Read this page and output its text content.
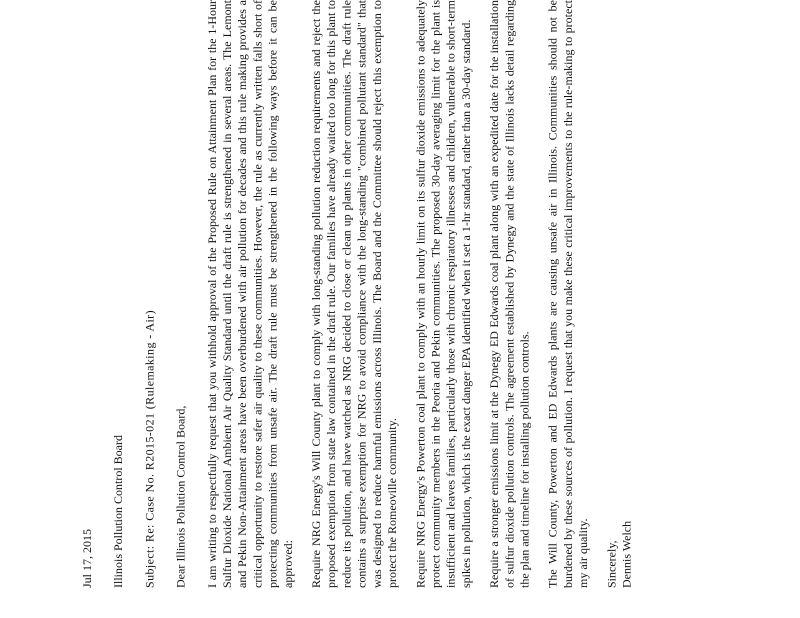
Jul 17, 2015 Illinois Pollution Control Board Subject: Re: Case No. R2015-021 (Rulemaking - Air) Dear Illinois Pollution Control Board, I am writing to respectfully request that you withhold approval of the Proposed Rule on Attainment Plan for the 1-Hour Sulfur Dioxide National Ambient Air Quality Standard until the draft rule is strengthened in several areas. The Lemont and Pekin Non-Attainment areas have been overburdened with air pollution for decades and this rule making provides a critical opportunity to restore safer air quality to these communities. However, the rule as currently written falls short of protecting communities from unsafe air. The draft rule must be strengthened in the following ways before it can be approved: Require NRG Energy's Will County plant to comply with long-standing pollution reduction requirements and reject the proposed exemption from state law contained in the draft rule. Our families have already waited too long for this plant to reduce its pollution, and have watched as NRG decided to close or clean up plants in other communities. The draft rule contains a surprise exemption for NRG to avoid compliance with the long-standing "combined pollutant standard" that was designed to reduce harmful emissions across Illinois. The Board and the Committee should reject this exemption to protect the Romeoville community. Require NRG Energy's Powerton coal plant to comply with an hourly limit on its sulfur dioxide emissions to adequately protect community members in the Peoria and Pekin communities. The proposed 30-day averaging limit for the plant is insufficient and leaves families, particularly those with chronic respiratory illnesses and children, vulnerable to short-term spikes in pollution, which is the exact danger EPA identified when it set a 1-hr standard, rather than a 30-day standard. Require a stronger emissions limit at the Dynegy ED Edwards coal plant along with an expedited date for the installation of sulfur dioxide pollution controls. The agreement established by Dynegy and the state of Illinois lacks detail regarding the plan and timeline for installing pollution controls. The Will County, Powerton and ED Edwards plants are causing unsafe air in Illinois. Communities should not be burdened by these sources of pollution. I request that you make these critical improvements to the rule-making to protect my air quality. Sincerely, Dennis Welch
